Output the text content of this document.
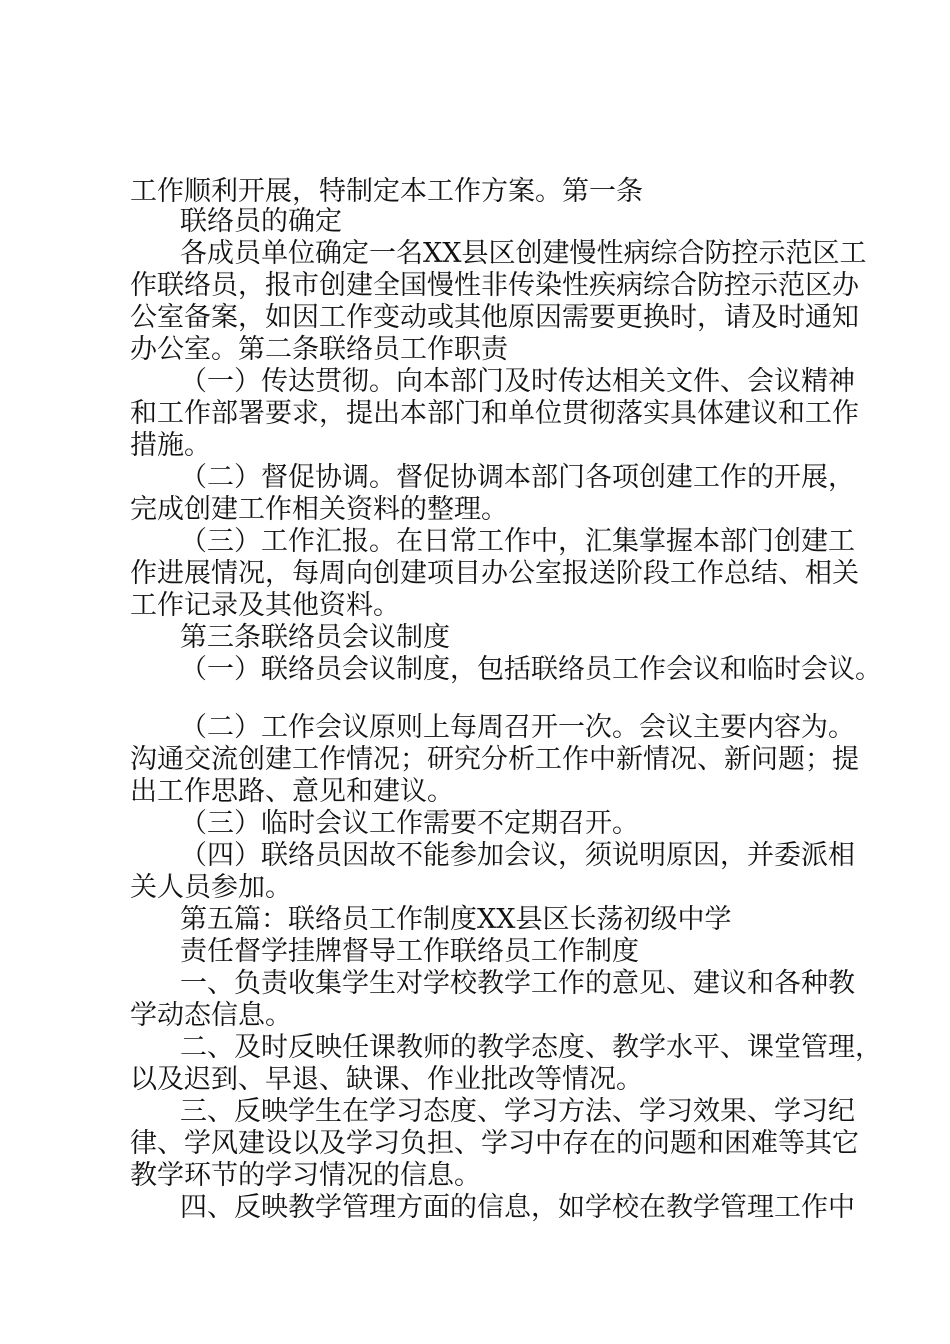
工作顺利开展，特制定本工作方案。第一条
联络员的确定
各成员单位确定一名XX县区创建慢性病综合防控示范区工
作联络员，报市创建全国慢性非传染性疾病综合防控示范区办
公室备案，如因工作变动或其他原因需要更换时，请及时通知
办公室。第二条联络员工作职责
（一）传达贯彻。向本部门及时传达相关文件、会议精神
和工作部署要求，提出本部门和单位贯彻落实具体建议和工作
措施。
（二）督促协调。督促协调本部门各项创建工作的开展，
完成创建工作相关资料的整理。
（三）工作汇报。在日常工作中，汇集掌握本部门创建工
作进展情况，每周向创建项目办公室报送阶段工作总结、相关
工作记录及其他资料。
第三条联络员会议制度
（一）联络员会议制度，包括联络员工作会议和临时会议。
（二）工作会议原则上每周召开一次。会议主要内容为。
沟通交流创建工作情况；研究分析工作中新情况、新问题；提
出工作思路、意见和建议。
（三）临时会议工作需要不定期召开。
（四）联络员因故不能参加会议，须说明原因，并委派相
关人员参加。
第五篇：联络员工作制度XX县区长荡初级中学
责任督学挂牌督导工作联络员工作制度
一、负责收集学生对学校教学工作的意见、建议和各种教
学动态信息。
二、及时反映任课教师的教学态度、教学水平、课堂管理，
以及迟到、早退、缺课、作业批改等情况。
三、反映学生在学习态度、学习方法、学习效果、学习纪
律、学风建设以及学习负担、学习中存在的问题和困难等其它
教学环节的学习情况的信息。
四、反映教学管理方面的信息，如学校在教学管理工作中
